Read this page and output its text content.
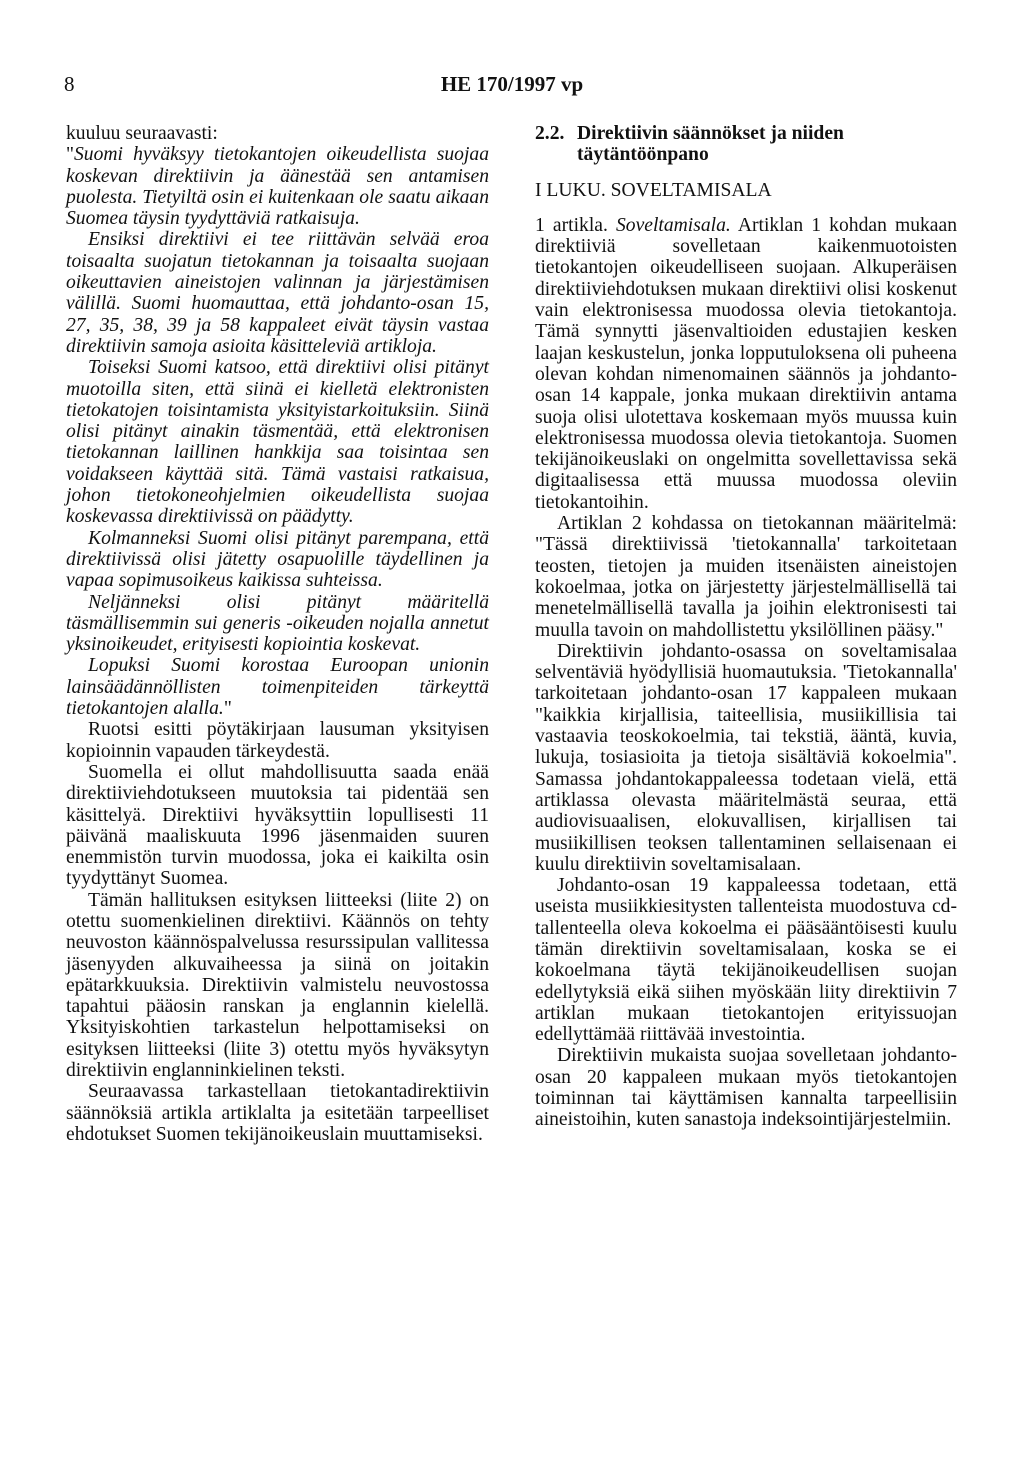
8	HE 170/1997 vp

kuuluu seuraavasti:

"Suomi hyväksyy tietokantojen oikeudellista suojaa koskevan direktiivin ja äänestää sen antamisen puolesta. Tietyiltä osin ei kuitenkaan ole saatu aikaan Suomea täysin tyydyttäviä ratkaisuja.

Ensiksi direktiivi ei tee riittävän selvää eroa toisaalta suojatun tietokannan ja toisaalta suojaan oikeuttavien aineistojen valinnan ja järjestämisen välillä. Suomi huomauttaa, että johdanto-osan 15, 27, 35, 38, 39 ja 58 kappaleet eivät täysin vastaa direktiivin samoja asioita käsitteleviä artikloja.

Toiseksi Suomi katsoo, että direktiivi olisi pitänyt muotoilla siten, että siinä ei kielletä elektronisten tietokatojen toisintamista yksityistarkoituksiin. Siinä olisi pitänyt ainakin täsmentää, että elektronisen tietokannan laillinen hankkija saa toisintaa sen voidakseen käyttää sitä. Tämä vastaisi ratkaisua, johon tietokoneohjelmien oikeudellista suojaa koskevassa direktiivissä on päädytty.

Kolmanneksi Suomi olisi pitänyt parempana, että direktiivissä olisi jätetty osapuolille täydellinen ja vapaa sopimusoikeus kaikissa suhteissa.

Neljänneksi olisi pitänyt määritellä täsmällisemmin sui generis -oikeuden nojalla annetut yksinoikeudet, erityisesti kopiointia koskevat.

Lopuksi Suomi korostaa Euroopan unionin lainsäädännöllisten toimenpiteiden tärkeyttä tietokantojen alalla."

Ruotsi esitti pöytäkirjaan lausuman yksityisen kopioinnin vapauden tärkeydestä.

Suomella ei ollut mahdollisuutta saada enää direktiiviehdotukseen muutoksia tai pidentää sen käsittelyä. Direktiivi hyväksyttiin lopullisesti 11 päivänä maaliskuuta 1996 jäsenmaiden suuren enemmistön turvin muodossa, joka ei kaikilta osin tyydyttänyt Suomea.

Tämän hallituksen esityksen liitteeksi (liite 2) on otettu suomenkielinen direktiivi. Käännös on tehty neuvoston käännöspalvelussa resurssipulan vallitessa jäsenyyden alkuvaiheessa ja siinä on joitakin epätarkkuuksia. Direktiivin valmistelu neuvostossa tapahtui pääosin ranskan ja englannin kielellä. Yksityiskohtien tarkastelun helpottamiseksi on esityksen liitteeksi (liite 3) otettu myös hyväksytyn direktiivin englanninkielinen teksti.

Seuraavassa tarkastellaan tietokantadirektiivin säännöksiä artikla artiklalta ja esitetään tarpeelliset ehdotukset Suomen tekijänoikeuslain muuttamiseksi.

2.2. Direktiivin säännökset ja niiden täytäntöönpano

I LUKU. SOVELTAMISALA

1 artikla. Soveltamisala. Artiklan 1 kohdan mukaan direktiiviä sovelletaan kaikenmuotoisten tietokantojen oikeudelliseen suojaan. Alkuperäisen direktiiviehdotuksen mukaan direktiivi olisi koskenut vain elektronisessa muodossa olevia tietokantoja. Tämä synnytti jäsenvaltioiden edustajien kesken laajan keskustelun, jonka lopputuloksena oli puheena olevan kohdan nimenomainen säännös ja johdanto-osan 14 kappale, jonka mukaan direktiivin antama suoja olisi ulotettava koskemaan myös muussa kuin elektronisessa muodossa olevia tietokantoja. Suomen tekijänoikeuslaki on ongelmitta sovellettavissa sekä digitaalisessa että muussa muodossa oleviin tietokantoihin.

Artiklan 2 kohdassa on tietokannan määritelmä: "Tässä direktiivissä 'tietokannalla' tarkoitetaan teosten, tietojen ja muiden itsenäisten aineistojen kokoelmaa, jotka on järjestetty järjestelmällisellä tai menetelmällisellä tavalla ja joihin elektronisesti tai muulla tavoin on mahdollistettu yksilöllinen pääsy."

Direktiivin johdanto-osassa on soveltamisalaa selventäviä hyödyllisiä huomautuksia. 'Tietokannalla' tarkoitetaan johdanto-osan 17 kappaleen mukaan "kaikkia kirjallisia, taiteellisia, musiikillisia tai vastaavia teoskokoelmia, tai tekstiä, ääntä, kuvia, lukuja, tosiasioita ja tietoja sisältäviä kokoelmia". Samassa johdantokappaleessa todetaan vielä, että artiklassa olevasta määritelmästä seuraa, että audiovisuaalisen, elokuvallisen, kirjallisen tai musiikillisen teoksen tallentaminen sellaisenaan ei kuulu direktiivin soveltamisalaan.

Johdanto-osan 19 kappaleessa todetaan, että useista musiikkiesitysten tallenteista muodostuva cd-tallenteella oleva kokoelma ei pääsääntöisesti kuulu tämän direktiivin soveltamisalaan, koska se ei kokoelmana täytä tekijänoikeudellisen suojan edellytyksiä eikä siihen myöskään liity direktiivin 7 artiklan mukaan tietokantojen erityissuojan edellyttämää riittävää investointia.

Direktiivin mukaista suojaa sovelletaan johdanto-osan 20 kappaleen mukaan myös tietokantojen toiminnan tai käyttämisen kannalta tarpeellisiin aineistoihin, kuten sanastoja indeksointijärjestelmiin.
